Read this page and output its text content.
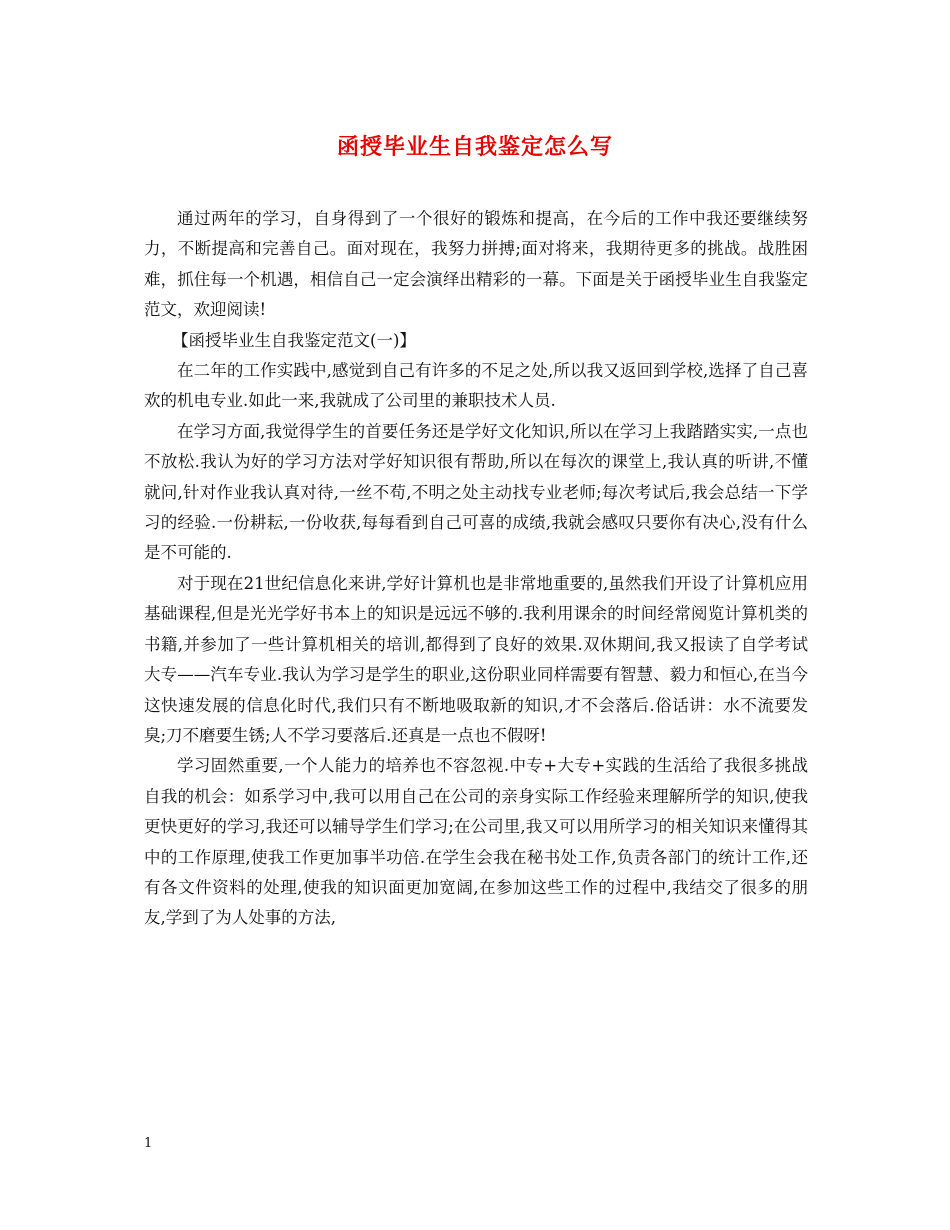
函授毕业生自我鉴定怎么写

通过两年的学习，自身得到了一个很好的锻炼和提高，在今后的工作中我还要继续努力，不断提高和完善自己。面对现在，我努力拼搏;面对将来，我期待更多的挑战。战胜困难，抓住每一个机遇，相信自己一定会演绎出精彩的一幕。下面是关于函授毕业生自我鉴定范文，欢迎阅读!

【函授毕业生自我鉴定范文(一)】

在二年的工作实践中,感觉到自己有许多的不足之处,所以我又返回到学校,选择了自己喜欢的机电专业.如此一来,我就成了公司里的兼职技术人员.

在学习方面,我觉得学生的首要任务还是学好文化知识,所以在学习上我踏踏实实,一点也不放松.我认为好的学习方法对学好知识很有帮助,所以在每次的课堂上,我认真的听讲,不懂就问,针对作业我认真对待,一丝不苟,不明之处主动找专业老师;每次考试后,我会总结一下学习的经验.一份耕耘,一份收获,每每看到自己可喜的成绩,我就会感叹只要你有决心,没有什么是不可能的.

对于现在21世纪信息化来讲,学好计算机也是非常地重要的,虽然我们开设了计算机应用基础课程,但是光光学好书本上的知识是远远不够的.我利用课余的时间经常阅览计算机类的书籍,并参加了一些计算机相关的培训,都得到了良好的效果.双休期间,我又报读了自学考试大专——汽车专业.我认为学习是学生的职业,这份职业同样需要有智慧、毅力和恒心,在当今这快速发展的信息化时代,我们只有不断地吸取新的知识,才不会落后.俗话讲：水不流要发臭;刀不磨要生锈;人不学习要落后.还真是一点也不假呀!

学习固然重要,一个人能力的培养也不容忽视.中专+大专+实践的生活给了我很多挑战自我的机会：如系学习中,我可以用自己在公司的亲身实际工作经验来理解所学的知识,使我更快更好的学习,我还可以辅导学生们学习;在公司里,我又可以用所学习的相关知识来懂得其中的工作原理,使我工作更加事半功倍.在学生会我在秘书处工作,负责各部门的统计工作,还有各文件资料的处理,使我的知识面更加宽阔,在参加这些工作的过程中,我结交了很多的朋友,学到了为人处事的方法,

1
